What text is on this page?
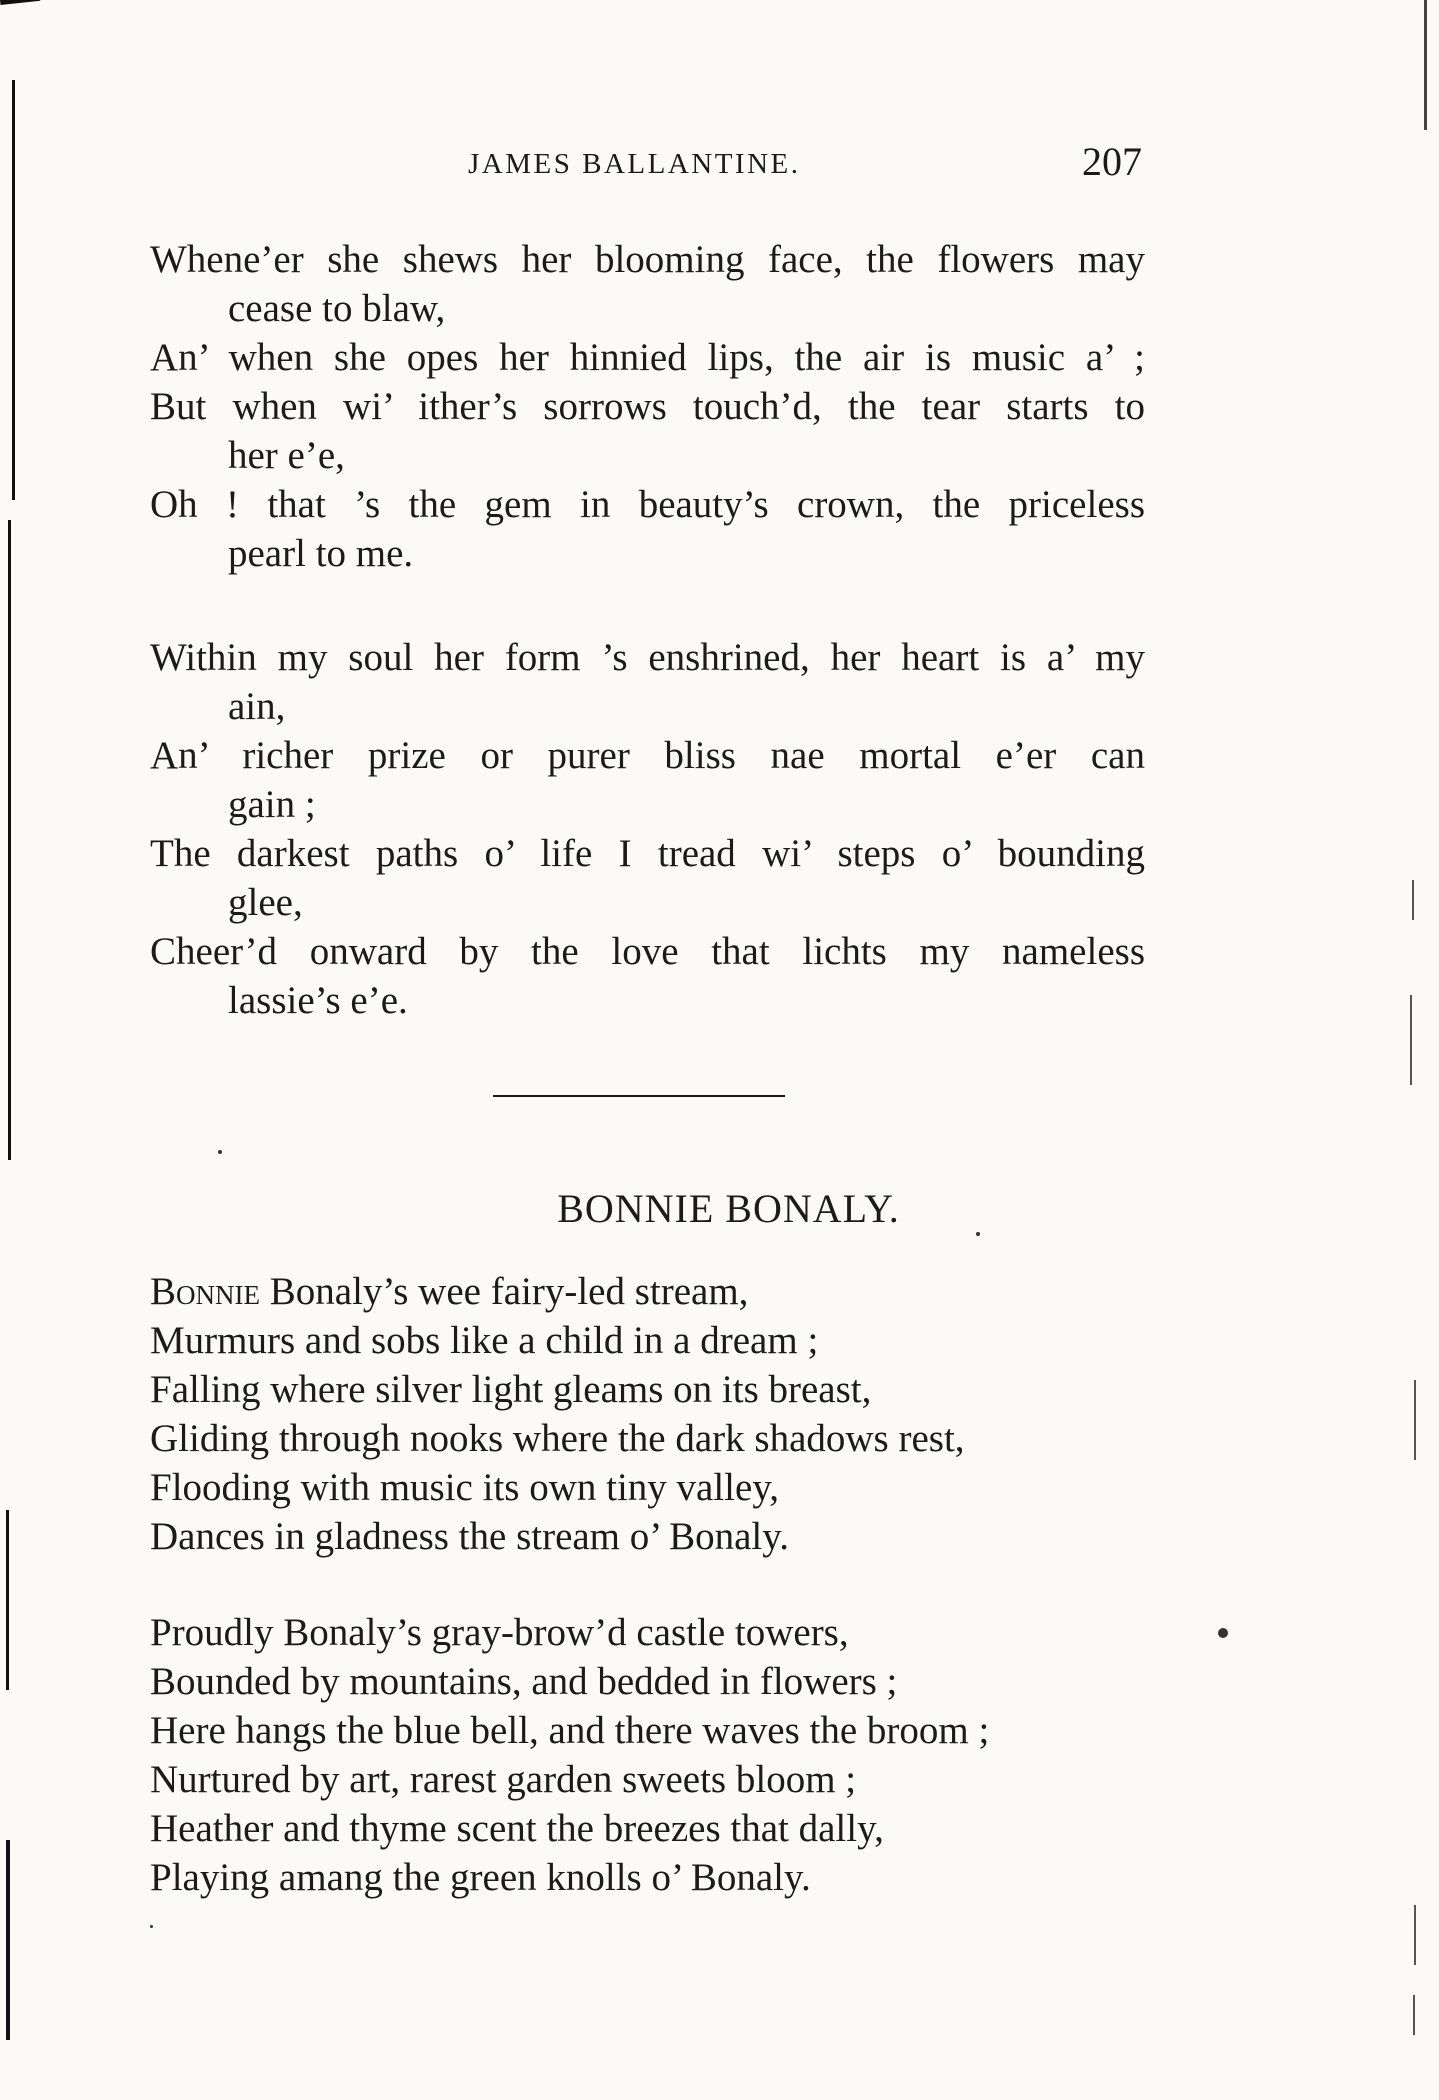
JAMES BALLANTINE.	207
Whene’er she shews her blooming face, the flowers may
cease to blaw,
An’ when she opes her hinnied lips, the air is music a’ ;
But when wi’ ither’s sorrows touch’d, the tear starts to
her e’e,
Oh ! that ’s the gem in beauty’s crown, the priceless
pearl to me.
Within my soul her form ’s enshrined, her heart is a’ my
ain,
An’ richer prize or purer bliss nae mortal e’er can
gain ;
The darkest paths o’ life I tread wi’ steps o’ bounding
glee,
Cheer’d onward by the love that lichts my nameless
lassie’s e’e.
BONNIE BONALY.
Bonnie Bonaly’s wee fairy-led stream,
Murmurs and sobs like a child in a dream ;
Falling where silver light gleams on its breast,
Gliding through nooks where the dark shadows rest,
Flooding with music its own tiny valley,
Dances in gladness the stream o’ Bonaly.
Proudly Bonaly’s gray-brow’d castle towers,
Bounded by mountains, and bedded in flowers ;
Here hangs the blue bell, and there waves the broom ;
Nurtured by art, rarest garden sweets bloom ;
Heather and thyme scent the breezes that dally,
Playing amang the green knolls o’ Bonaly.
